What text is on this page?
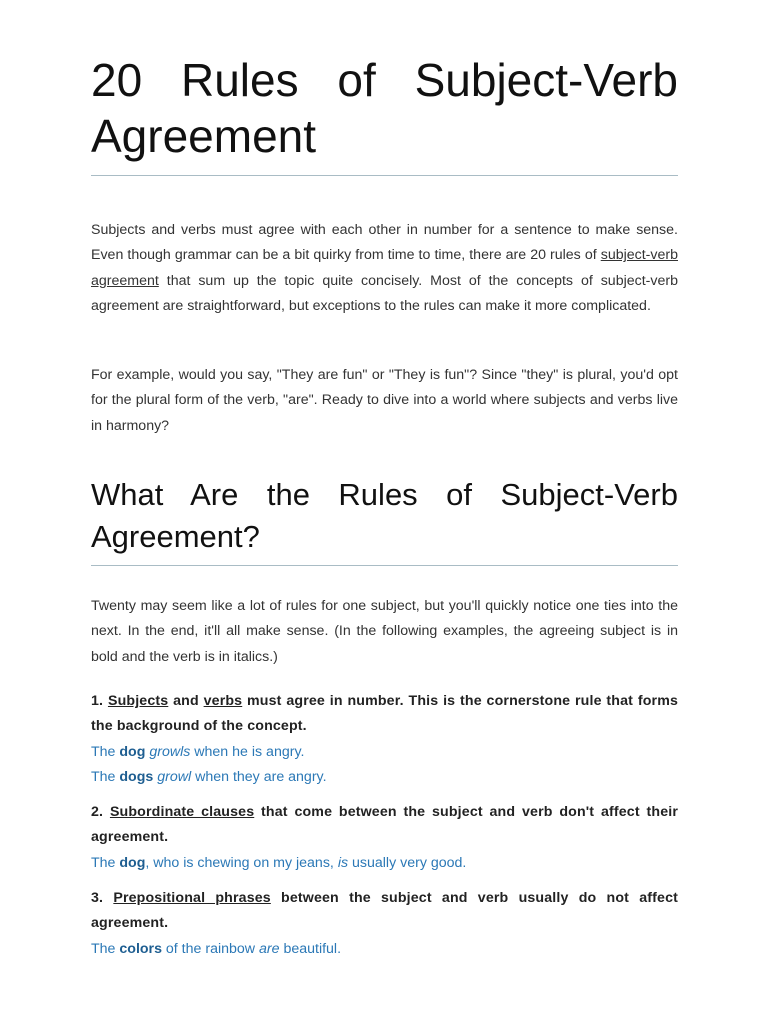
20 Rules of Subject-Verb Agreement

Subjects and verbs must agree with each other in number for a sentence to make sense. Even though grammar can be a bit quirky from time to time, there are 20 rules of subject-verb agreement that sum up the topic quite concisely. Most of the concepts of subject-verb agreement are straightforward, but exceptions to the rules can make it more complicated.

For example, would you say, "They are fun" or "They is fun"? Since "they" is plural, you'd opt for the plural form of the verb, "are". Ready to dive into a world where subjects and verbs live in harmony?

What Are the Rules of Subject-Verb Agreement?

Twenty may seem like a lot of rules for one subject, but you'll quickly notice one ties into the next. In the end, it'll all make sense. (In the following examples, the agreeing subject is in bold and the verb is in italics.)

1. Subjects and verbs must agree in number. This is the cornerstone rule that forms the background of the concept.
The dog growls when he is angry.
The dogs growl when they are angry.

2. Subordinate clauses that come between the subject and verb don't affect their agreement.
The dog, who is chewing on my jeans, is usually very good.

3. Prepositional phrases between the subject and verb usually do not affect agreement.
The colors of the rainbow are beautiful.
